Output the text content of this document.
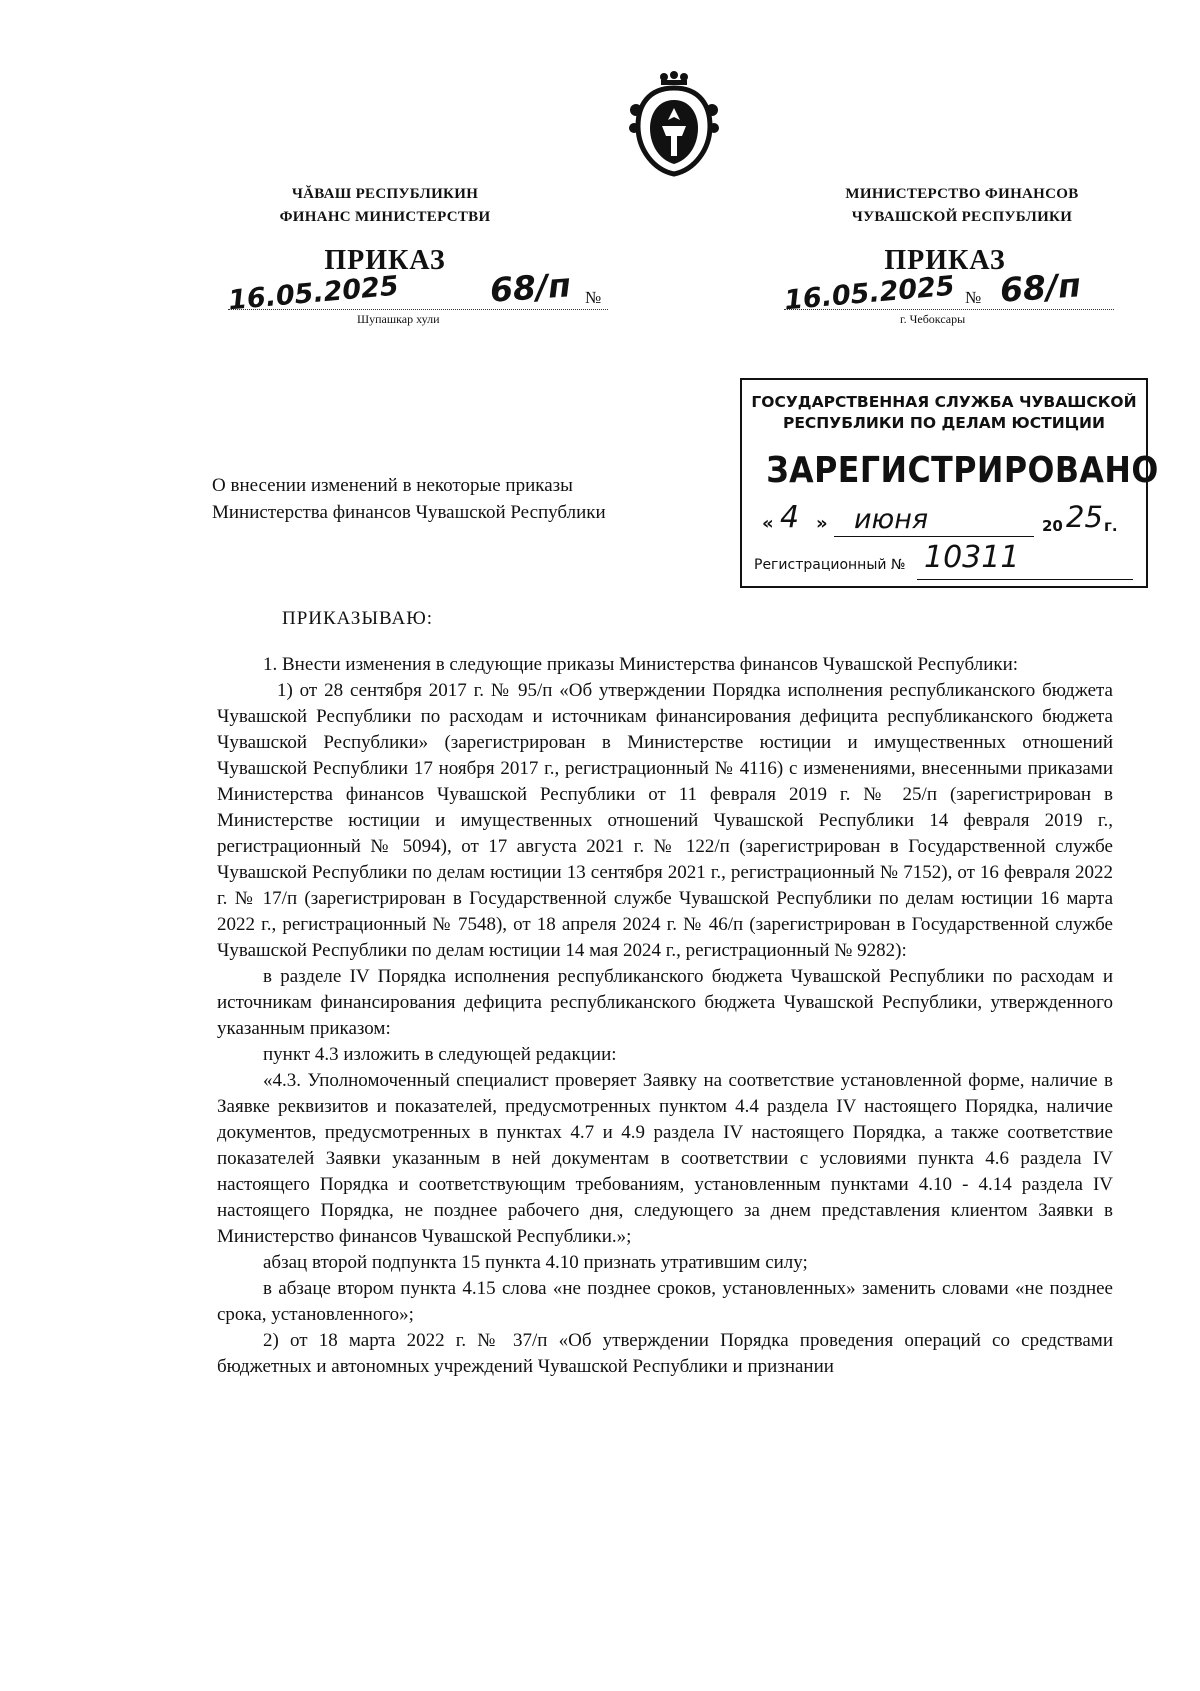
ЧĂВАШ РЕСПУБЛИКИН
ФИНАНС МИНИСТЕРСТВИ
МИНИСТЕРСТВО ФИНАНСОВ
ЧУВАШСКОЙ РЕСПУБЛИКИ
ПРИКАЗ
16.05.2025	68/п №
Шупашкар хули
ПРИКАЗ
16.05.2025 № 68/п
г. Чебоксары
ГОСУДАРСТВЕННАЯ СЛУЖБА ЧУВАШСКОЙ
РЕСПУБЛИКИ ПО ДЕЛАМ ЮСТИЦИИ
ЗАРЕГИСТРИРОВАНО
« 4 » июня	20 25 г.
Регистрационный № 10311
О внесении изменений в некоторые приказы
Министерства финансов Чувашской Республики
ПРИКАЗЫВАЮ:

1. Внести изменения в следующие приказы Министерства финансов Чувашской Республики:

1) от 28 сентября 2017 г. № 95/п «Об утверждении Порядка исполнения республиканского бюджета Чувашской Республики по расходам и источникам финансирования дефицита республиканского бюджета Чувашской Республики» (зарегистрирован в Министерстве юстиции и имущественных отношений Чувашской Республики 17 ноября 2017 г., регистрационный № 4116) с изменениями, внесенными приказами Министерства финансов Чувашской Республики от 11 февраля 2019 г. № 25/п (зарегистрирован в Министерстве юстиции и имущественных отношений Чувашской Республики 14 февраля 2019 г., регистрационный № 5094), от 17 августа 2021 г. № 122/п (зарегистрирован в Государственной службе Чувашской Республики по делам юстиции 13 сентября 2021 г., регистрационный № 7152), от 16 февраля 2022 г. № 17/п (зарегистрирован в Государственной службе Чувашской Республики по делам юстиции 16 марта 2022 г., регистрационный № 7548), от 18 апреля 2024 г. № 46/п (зарегистрирован в Государственной службе Чувашской Республики по делам юстиции 14 мая 2024 г., регистрационный № 9282):

в разделе IV Порядка исполнения республиканского бюджета Чувашской Республики по расходам и источникам финансирования дефицита республиканского бюджета Чувашской Республики, утвержденного указанным приказом:

пункт 4.3 изложить в следующей редакции:

«4.3. Уполномоченный специалист проверяет Заявку на соответствие установленной форме, наличие в Заявке реквизитов и показателей, предусмотренных пунктом 4.4 раздела IV настоящего Порядка, наличие документов, предусмотренных в пунктах 4.7 и 4.9 раздела IV настоящего Порядка, а также соответствие показателей Заявки указанным в ней документам в соответствии с условиями пункта 4.6 раздела IV настоящего Порядка и соответствующим требованиям, установленным пунктами 4.10 - 4.14 раздела IV настоящего Порядка, не позднее рабочего дня, следующего за днем представления клиентом Заявки в Министерство финансов Чувашской Республики.»;

абзац второй подпункта 15 пункта 4.10 признать утратившим силу;

в абзаце втором пункта 4.15 слова «не позднее сроков, установленных» заменить словами «не позднее срока, установленного»;

2) от 18 марта 2022 г. № 37/п «Об утверждении Порядка проведения операций со средствами бюджетных и автономных учреждений Чувашской Республики и признании
